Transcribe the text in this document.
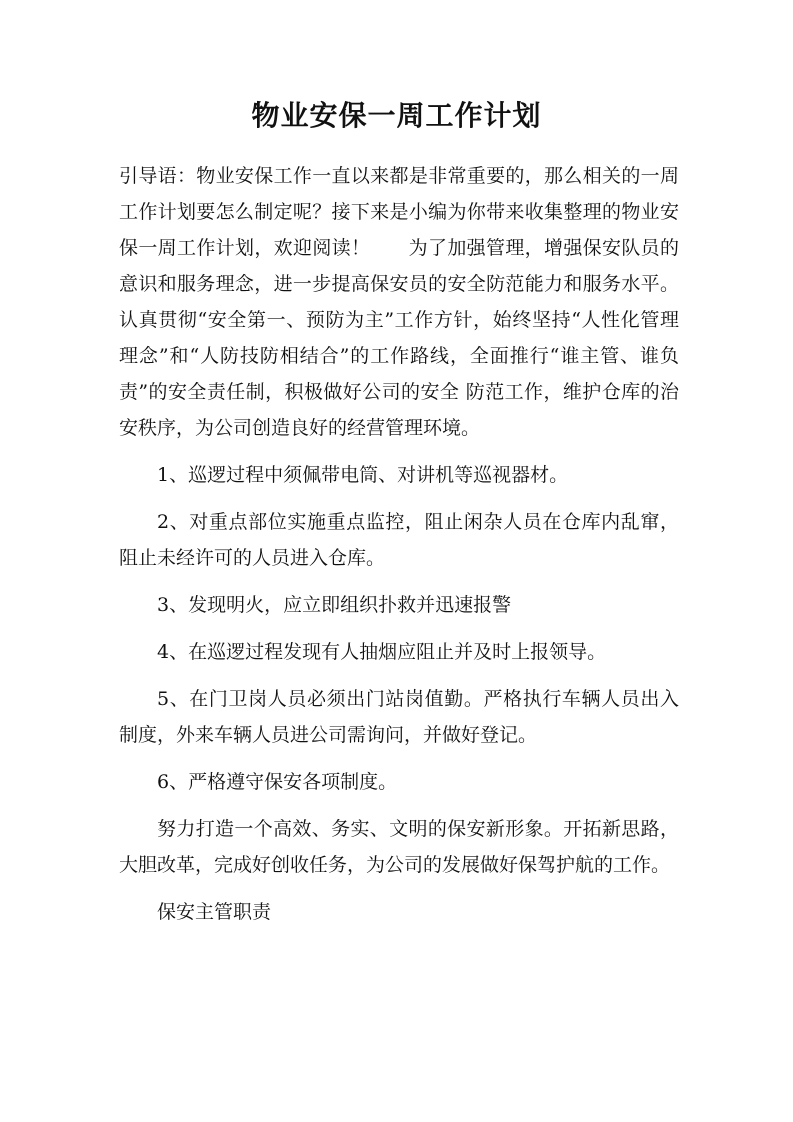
物业安保一周工作计划

引导语：物业安保工作一直以来都是非常重要的，那么相关的一周工作计划要怎么制定呢？接下来是小编为你带来收集整理的物业安保一周工作计划，欢迎阅读！ 为了加强管理，增强保安队员的意识和服务理念，进一步提高保安员的安全防范能力和服务水平。认真贯彻“安全第一、预防为主”工作方针，始终坚持“人性化管理理念”和“人防技防相结合”的工作路线，全面推行“谁主管、谁负责”的安全责任制，积极做好公司的安全 防范工作，维护仓库的治安秩序，为公司创造良好的经营管理环境。

1、巡逻过程中须佩带电筒、对讲机等巡视器材。

2、对重点部位实施重点监控，阻止闲杂人员在仓库内乱窜，阻止未经许可的人员进入仓库。

3、发现明火，应立即组织扑救并迅速报警

4、在巡逻过程发现有人抽烟应阻止并及时上报领导。

5、在门卫岗人员必须出门站岗值勤。严格执行车辆人员出入制度，外来车辆人员进公司需询问，并做好登记。

6、严格遵守保安各项制度。

努力打造一个高效、务实、文明的保安新形象。开拓新思路，大胆改革，完成好创收任务，为公司的发展做好保驾护航的工作。

保安主管职责
